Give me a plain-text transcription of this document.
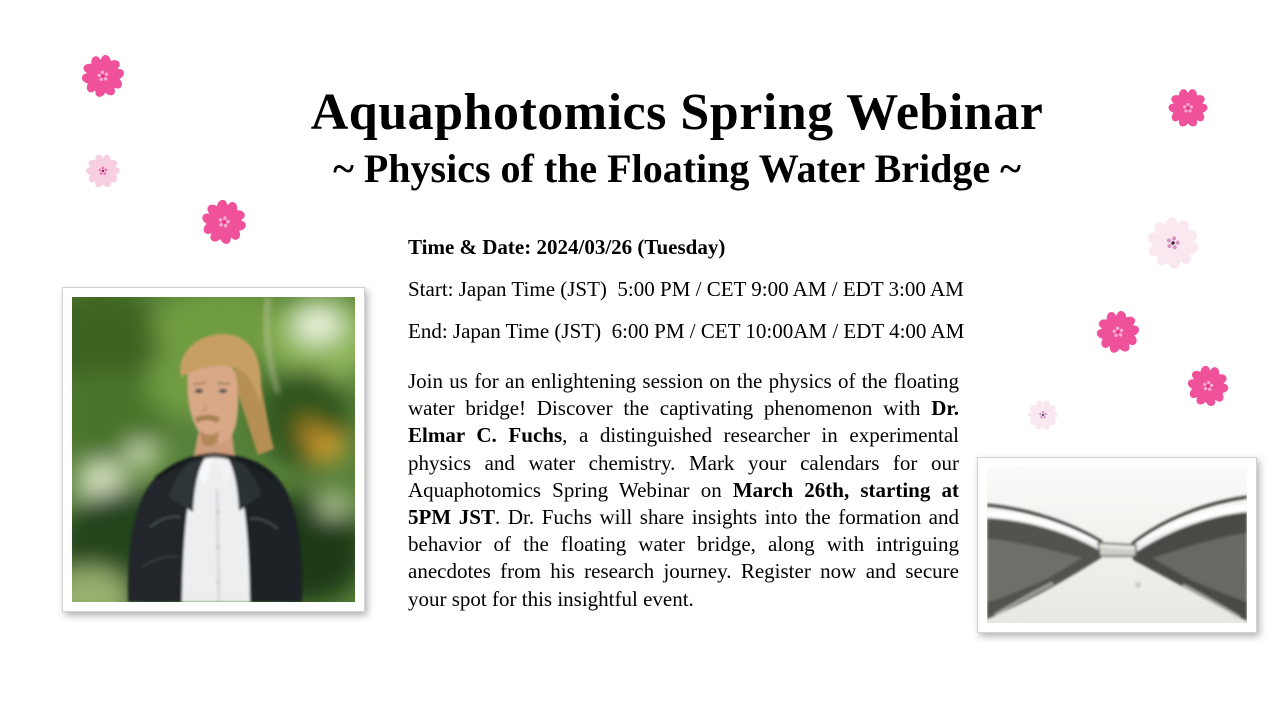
Aquaphotomics Spring Webinar
~ Physics of the Floating Water Bridge ~
Time & Date: 2024/03/26 (Tuesday)
Start: Japan Time (JST)  5:00 PM / CET 9:00 AM / EDT 3:00 AM
End: Japan Time (JST)  6:00 PM / CET 10:00AM / EDT 4:00 AM
Join us for an enlightening session on the physics of the floating water bridge! Discover the captivating phenomenon with Dr. Elmar C. Fuchs, a distinguished researcher in experimental physics and water chemistry. Mark your calendars for our Aquaphotomics Spring Webinar on March 26th, starting at 5PM JST. Dr. Fuchs will share insights into the formation and behavior of the floating water bridge, along with intriguing anecdotes from his research journey. Register now and secure your spot for this insightful event.
